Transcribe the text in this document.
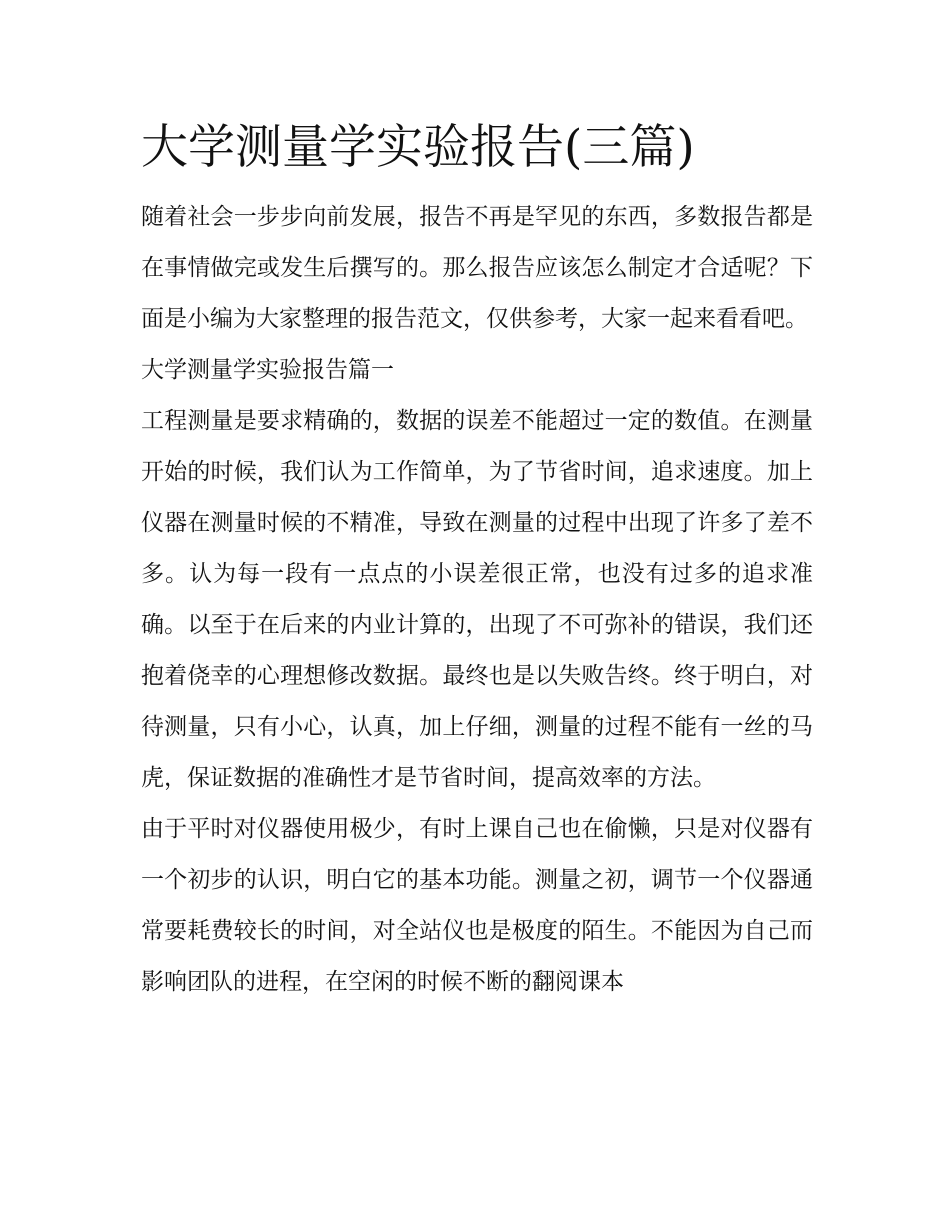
大学测量学实验报告(三篇)

随着社会一步步向前发展，报告不再是罕见的东西，多数报告都是在事情做完或发生后撰写的。那么报告应该怎么制定才合适呢？下面是小编为大家整理的报告范文，仅供参考，大家一起来看看吧。

大学测量学实验报告篇一

工程测量是要求精确的，数据的误差不能超过一定的数值。在测量开始的时候，我们认为工作简单，为了节省时间，追求速度。加上仪器在测量时候的不精准，导致在测量的过程中出现了许多了差不多。认为每一段有一点点的小误差很正常，也没有过多的追求准确。以至于在后来的内业计算的，出现了不可弥补的错误，我们还抱着侥幸的心理想修改数据。最终也是以失败告终。终于明白，对待测量，只有小心，认真，加上仔细，测量的过程不能有一丝的马虎，保证数据的准确性才是节省时间，提高效率的方法。

由于平时对仪器使用极少，有时上课自己也在偷懒，只是对仪器有一个初步的认识，明白它的基本功能。测量之初，调节一个仪器通常要耗费较长的时间，对全站仪也是极度的陌生。不能因为自己而影响团队的进程，在空闲的时候不断的翻阅课本
